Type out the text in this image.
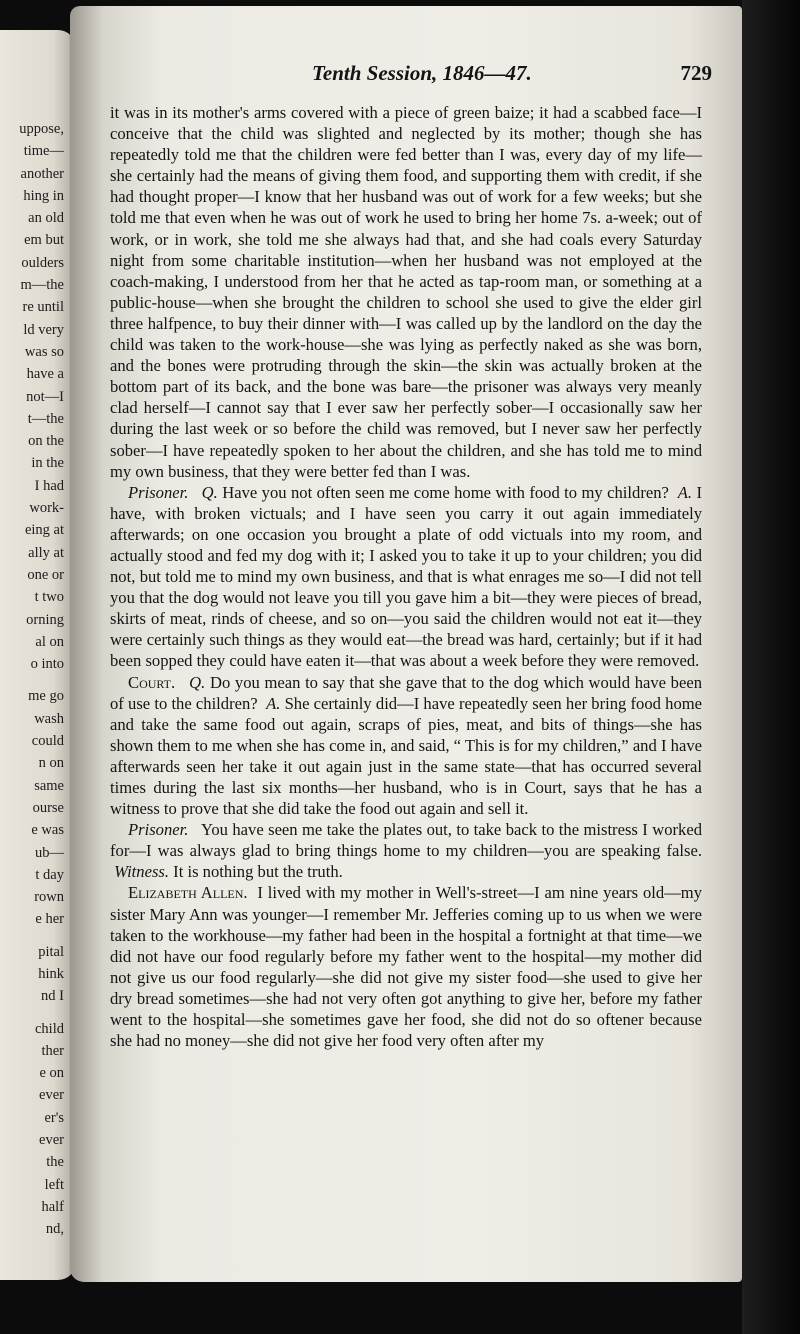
uppose,
time—
another
hing in
an old
em but
oulders
m—the
re until
ld very
was so
have a
not—I
t—the
on the
in the
I had
work-
eing at
ally at
one or
t two
orning
al on
o into
me go
wash
could
n on
same
ourse
e was
ub—
t day
rown
e her
pital
hink
nd I
child
ther
e on
ever
er's
ever
the
left
half
nd,
Tenth Session, 1846—47.	729

it was in its mother's arms covered with a piece of green baize; it had a scabbed face—I conceive that the child was slighted and neglected by its mother; though she has repeatedly told me that the children were fed better than I was, every day of my life—she certainly had the means of giving them food, and supporting them with credit, if she had thought proper—I know that her husband was out of work for a few weeks; but she told me that even when he was out of work he used to bring her home 7s. a-week; out of work, or in work, she told me she always had that, and she had coals every Saturday night from some charitable institution—when her husband was not employed at the coach-making, I understood from her that he acted as tap-room man, or something at a public-house—when she brought the children to school she used to give the elder girl three halfpence, to buy their dinner with—I was called up by the landlord on the day the child was taken to the work-house—she was lying as perfectly naked as she was born, and the bones were protruding through the skin—the skin was actually broken at the bottom part of its back, and the bone was bare—the prisoner was always very meanly clad herself—I cannot say that I ever saw her perfectly sober—I occasionally saw her during the last week or so before the child was removed, but I never saw her perfectly sober—I have repeatedly spoken to her about the children, and she has told me to mind my own business, that they were better fed than I was.

Prisoner. Q. Have you not often seen me come home with food to my children? A. I have, with broken victuals; and I have seen you carry it out again immediately afterwards; on one occasion you brought a plate of odd victuals into my room, and actually stood and fed my dog with it; I asked you to take it up to your children; you did not, but told me to mind my own business, and that is what enrages me so—I did not tell you that the dog would not leave you till you gave him a bit—they were pieces of bread, skirts of meat, rinds of cheese, and so on—you said the children would not eat it—they were certainly such things as they would eat—the bread was hard, certainly; but if it had been sopped they could have eaten it—that was about a week before they were removed.

Court. Q. Do you mean to say that she gave that to the dog which would have been of use to the children? A. She certainly did—I have repeatedly seen her bring food home and take the same food out again, scraps of pies, meat, and bits of things—she has shown them to me when she has come in, and said, “ This is for my children,” and I have afterwards seen her take it out again just in the same state—that has occurred several times during the last six months—her husband, who is in Court, says that he has a witness to prove that she did take the food out again and sell it.

Prisoner. You have seen me take the plates out, to take back to the mistress I worked for—I was always glad to bring things home to my children—you are speaking false.  Witness. It is nothing but the truth.

Elizabeth Allen. I lived with my mother in Well's-street—I am nine years old—my sister Mary Ann was younger—I remember Mr. Jefferies coming up to us when we were taken to the workhouse—my father had been in the hospital a fortnight at that time—we did not have our food regularly before my father went to the hospital—my mother did not give us our food regularly—she did not give my sister food—she used to give her dry bread sometimes—she had not very often got anything to give her, before my father went to the hospital—she sometimes gave her food, she did not do so oftener because she had no money—she did not give her food very often after my
